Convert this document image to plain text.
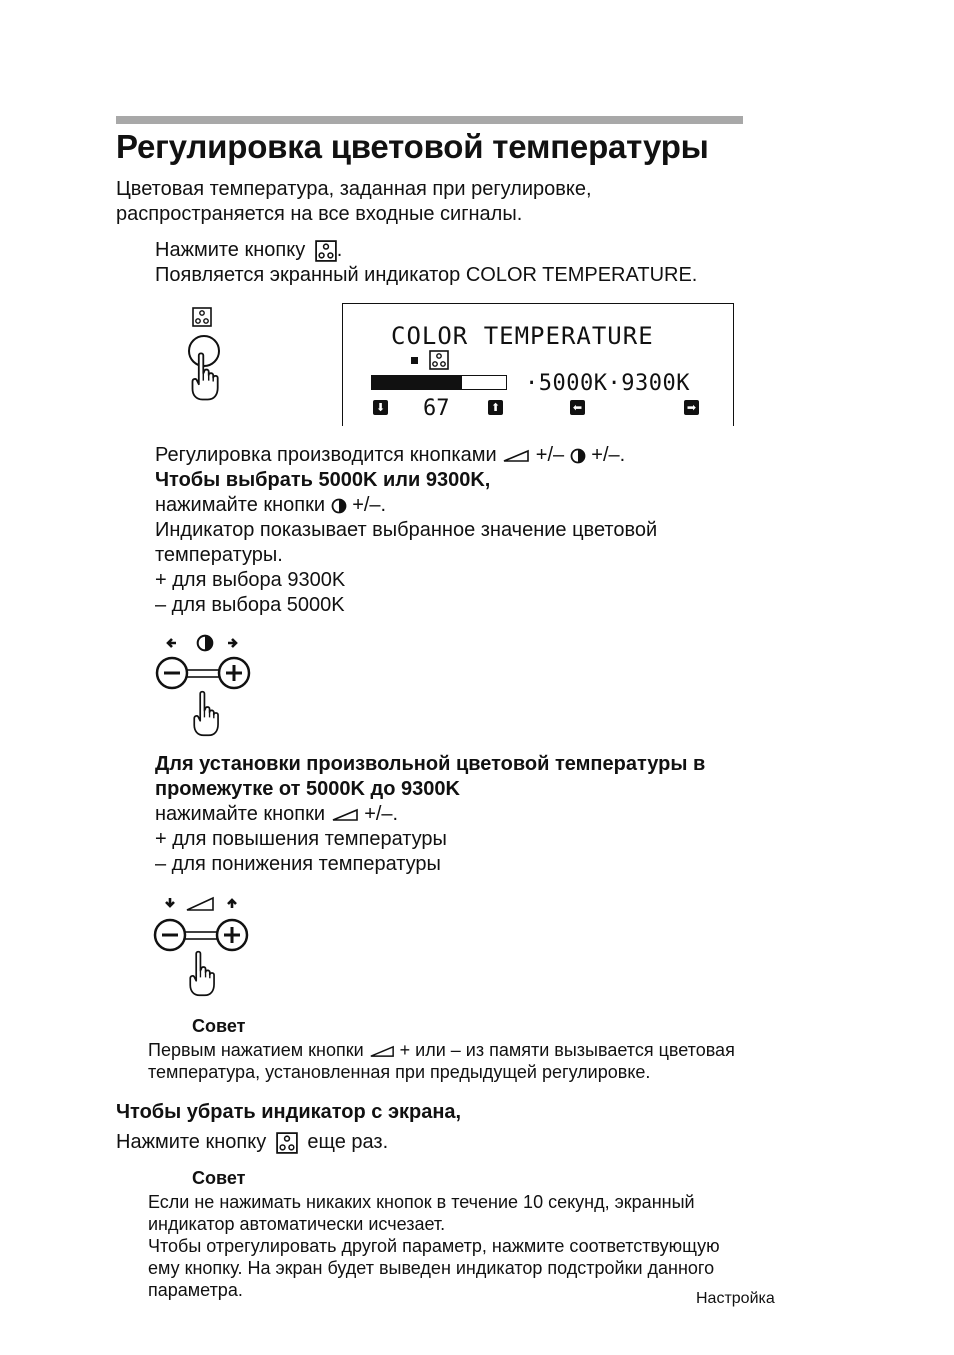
Регулировка цветовой температуры
Цветовая температура, заданная при регулировке,
распространяется на все входные сигналы.
Нажмите кнопку .
Появляется экранный индикатор COLOR TEMPERATURE.
COLOR TEMPERATURE
·5000K·9300K
⬇ 67	⬆	⬅	➡
Регулировка производится кнопками +/– +/–.
Чтобы выбрать 5000K или 9300K,
нажимайте кнопки +/–.
Индикатор показывает выбранное значение цветовой
температуры.
+ для выбора 9300K
– для выбора 5000K
Для установки произвольной цветовой температуры в
промежутке от 5000K до 9300K
нажимайте кнопки +/–.
+ для повышения температуры
– для понижения температуры
Совет
Первым нажатием кнопки + или – из памяти вызывается цветовая
температура, установленная при предыдущей регулировке.
Чтобы убрать индикатор с экрана,
Нажмите кнопку еще раз.
Совет
Если не нажимать никаких кнопок в течение 10 секунд, экранный
индикатор автоматически исчезает.
Чтобы отрегулировать другой параметр, нажмите соответствующую
ему кнопку. На экран будет выведен индикатор подстройки данного
параметра.	Настройка
